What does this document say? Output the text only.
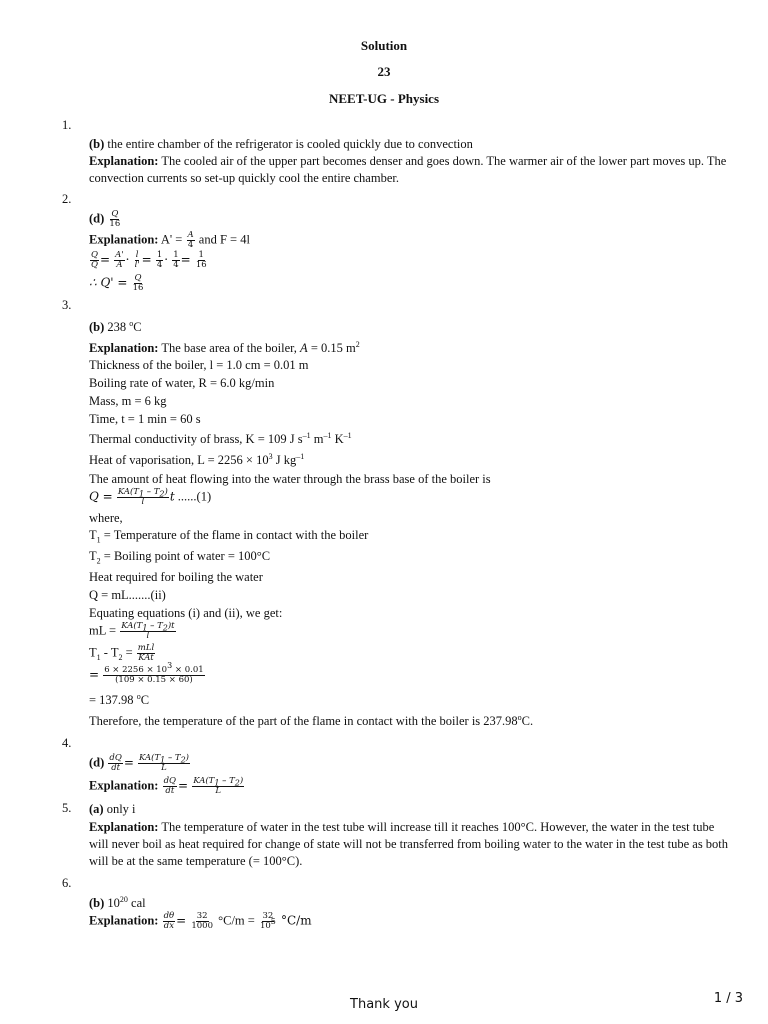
Solution
23
NEET-UG - Physics
1.
(b) the entire chamber of the refrigerator is cooled quickly due to convection
Explanation: The cooled air of the upper part becomes denser and goes down. The warmer air of the lower part moves up. The
convection currents so set-up quickly cool the entire chamber.
2.
$(d) \frac{Q}{16}$
Explanation: $A' = \frac{A}{4}$ and F = 4l
$\frac{Q}{Q} = \frac{A'}{A} \cdot \frac{l}{l'} = \frac{1}{4} \cdot \frac{1}{4} = \frac{1}{16}$
∴ $Q' = \frac{Q}{16}$
3.
(b) 238 $^o$C
Explanation: The base area of the boiler, A = 0.15 $m^2$
Thickness of the boiler, l = 1.0 cm = 0.01 m
Boiling rate of water, R = 6.0 kg/min
Mass, m = 6 kg
Time, t = 1 min = 60 s
Thermal conductivity of brass, K = 109 J $s^{-1}$ $m^{-1}$ $K^{-1}$
Heat of vaporisation, $L = 2256 \times 10^3$ J $kg^{-1}$
The amount of heat flowing into the water through the brass base of the boiler is
$Q = \frac{KA(T_1 - T_2)}{l}$ t ......(1)
where,
$T_1$ = Temperature of the flame in contact with the boiler
$T_2$ = Boiling point of water = 100°C
Heat required for boiling the water
Q = mL.......(ii)
Equating equations (i) and (ii), we get:
mL = $\frac{KA(T_1 - T_2)t}{l}$
$T_1 - T_2 = \frac{\text{mLl}}{\text{KAt}}$
= $\frac{6 \times 2256 \times 10^3 \times 0.01}{(109 \times 0.15 \times 60)}$
= 137.98 $^o$C
Therefore, the temperature of the part of the flame in contact with the boiler is 237.98$^o$C.
4.
$(d) \frac{dQ}{dt} = \frac{KA(T_1 - T_2)}{L}$
Explanation: $\frac{dQ}{dt} = \frac{KA(T_1 - T_2)}{L}$
5. (a) only i
Explanation: The temperature of water in the test tube will increase till it reaches 100°C. However, the water in the test tube
will never boil as heat required for change of state will not be transferred from boiling water to the water in the test tube as both
will be at the same temperature (= 100°C).
6.
(b) $10^{20}$ cal
Explanation: $\frac{d\theta}{dx} = \frac{32}{1000} ^\circ C/m = \frac{32}{10^5} ^\circ C/m$
Thank you	1 / 3
